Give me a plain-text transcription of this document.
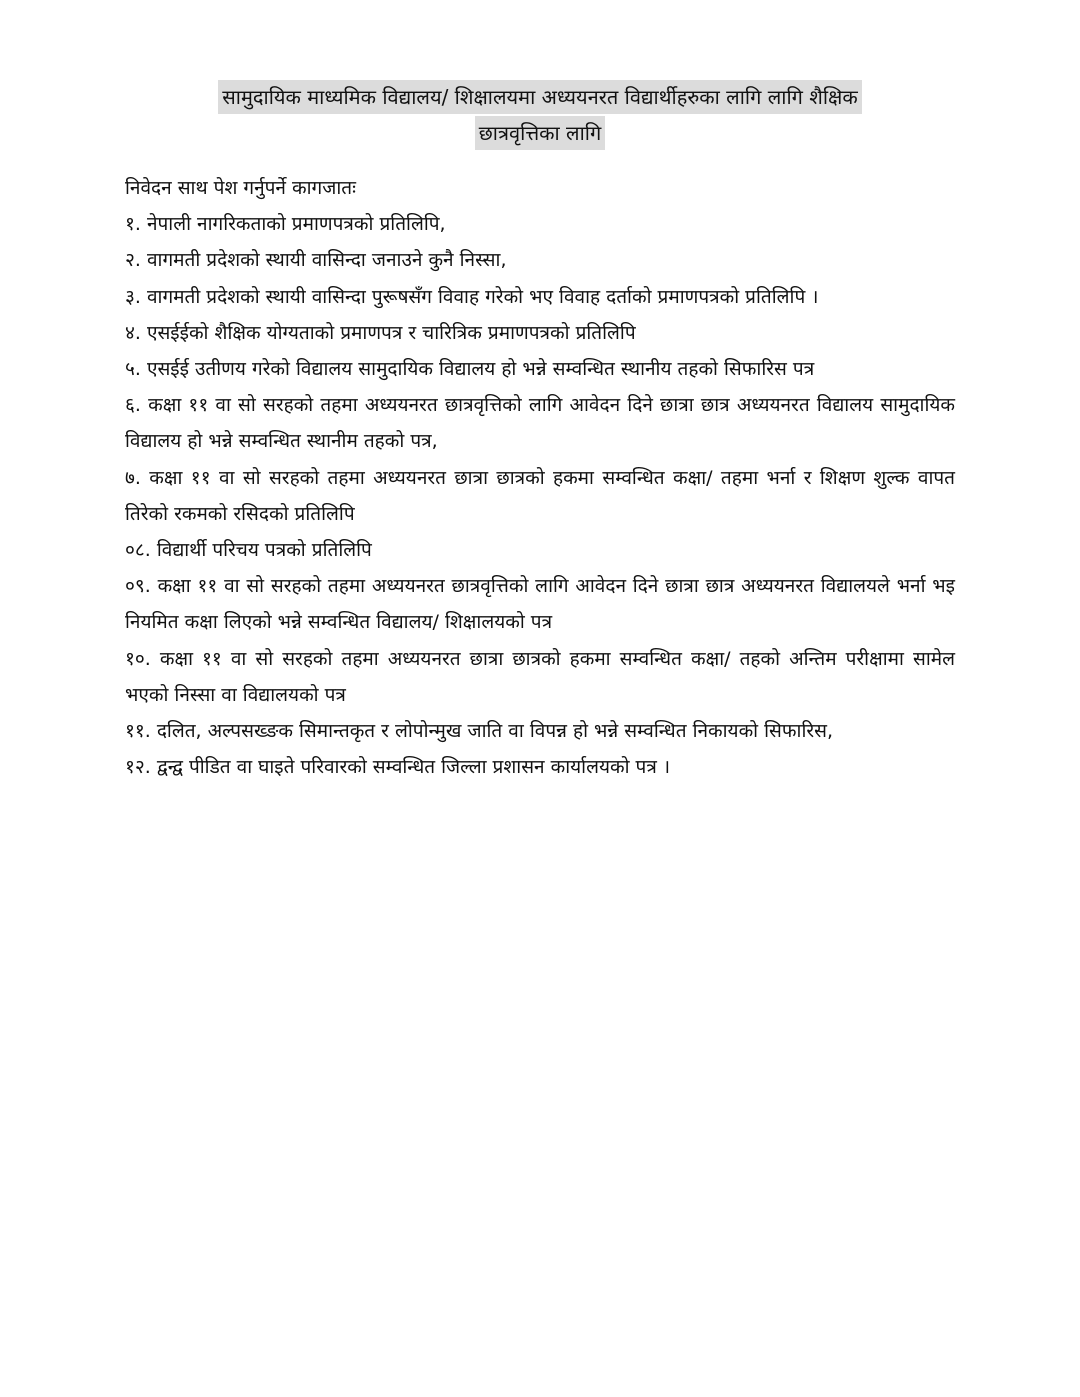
सामुदायिक माध्यमिक विद्यालय/ शिक्षालयमा अध्ययनरत विद्यार्थीहरुका लागि लागि शैक्षिक
छात्रवृत्तिका लागि

निवेदन साथ पेश गर्नुपर्ने कागजातः

१. नेपाली नागरिकताको प्रमाणपत्रको प्रतिलिपि,

२. वागमती प्रदेशको स्थायी वासिन्दा जनाउने कुनै निस्सा,

३. वागमती प्रदेशको स्थायी वासिन्दा पुरूषसँग विवाह गरेको भए विवाह दर्ताको प्रमाणपत्रको प्रतिलिपि ।

४. एसईईको शैक्षिक योग्यताको प्रमाणपत्र र चारित्रिक प्रमाणपत्रको प्रतिलिपि

५. एसईई उतीणय गरेको विद्यालय सामुदायिक विद्यालय हो भन्ने सम्वन्धित स्थानीय तहको सिफारिस पत्र

६. कक्षा ११ वा सो सरहको तहमा अध्ययनरत छात्रवृत्तिको लागि आवेदन दिने छात्रा छात्र अध्ययनरत विद्यालय सामुदायिक विद्यालय हो भन्ने सम्वन्धित स्थानीम तहको पत्र,

७. कक्षा ११ वा सो सरहको तहमा अध्ययनरत छात्रा छात्रको हकमा सम्वन्धित कक्षा/ तहमा भर्ना र शिक्षण शुल्क वापत तिरेको रकमको रसिदको प्रतिलिपि

०८. विद्यार्थी परिचय पत्रको प्रतिलिपि

०९. कक्षा ११ वा सो सरहको तहमा अध्ययनरत छात्रवृत्तिको लागि आवेदन दिने छात्रा छात्र अध्ययनरत विद्यालयले भर्ना भइ नियमित कक्षा लिएको भन्ने सम्वन्धित विद्यालय/ शिक्षालयको पत्र

१०. कक्षा ११ वा सो सरहको तहमा अध्ययनरत छात्रा छात्रको हकमा सम्वन्धित कक्षा/ तहको अन्तिम परीक्षामा सामेल भएको निस्सा वा विद्यालयको पत्र

११. दलित, अल्पसख्ङक सिमान्तकृत र लोपोन्मुख जाति वा विपन्न हो भन्ने सम्वन्धित निकायको सिफारिस,

१२. द्वन्द्व पीडित वा घाइते परिवारको सम्वन्धित जिल्ला प्रशासन कार्यालयको पत्र ।
